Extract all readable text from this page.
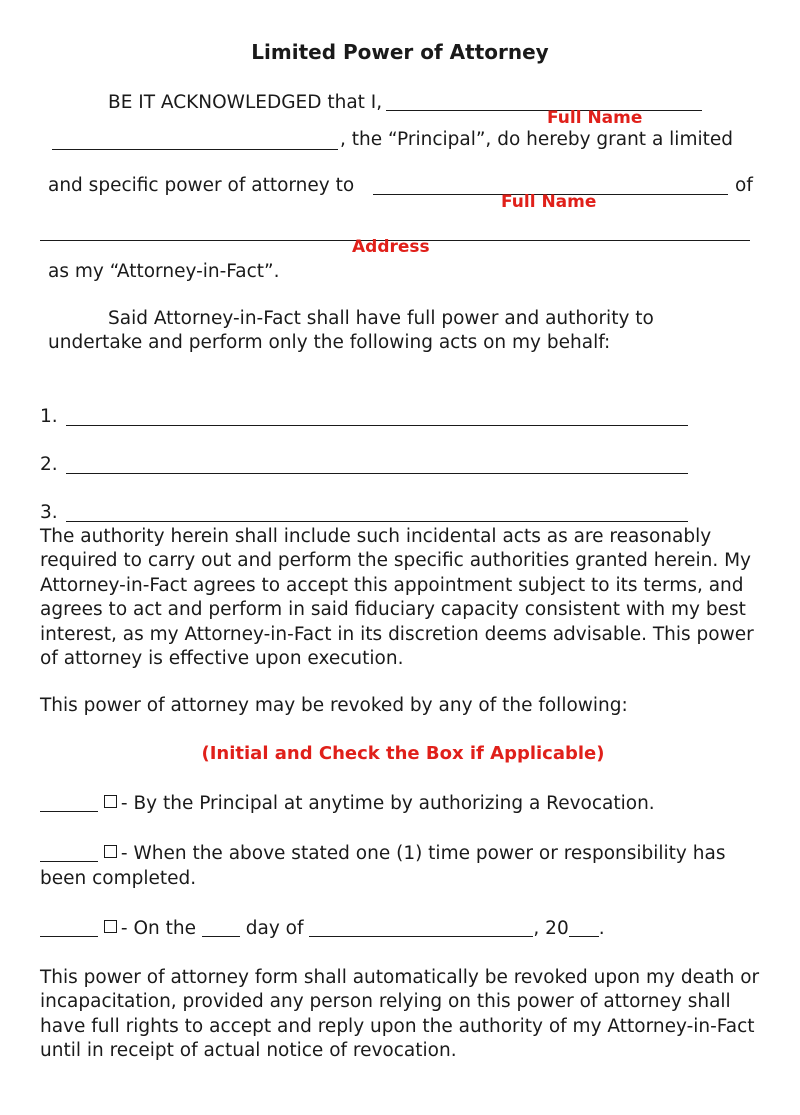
Limited Power of Attorney
BE IT ACKNOWLEDGED that I,
Full Name
, the “Principal”, do hereby grant a limited
and specific power of attorney to	of
Full Name
Address
as my “Attorney-in-Fact”.
Said Attorney-in-Fact shall have full power and authority to
undertake and perform only the following acts on my behalf:
1.
2.
3.
The authority herein shall include such incidental acts as are reasonably required to carry out and perform the specific authorities granted herein. My Attorney-in-Fact agrees to accept this appointment subject to its terms, and agrees to act and perform in said fiduciary capacity consistent with my best interest, as my Attorney-in-Fact in its discretion deems advisable. This power of attorney is effective upon execution.
This power of attorney may be revoked by any of the following:
(Initial and Check the Box if Applicable)
- By the Principal at anytime by authorizing a Revocation.
- When the above stated one (1) time power or responsibility has
been completed.
- On the	day of	, 20 .
This power of attorney form shall automatically be revoked upon my death or incapacitation, provided any person relying on this power of attorney shall have full rights to accept and reply upon the authority of my Attorney-in-Fact until in receipt of actual notice of revocation.
